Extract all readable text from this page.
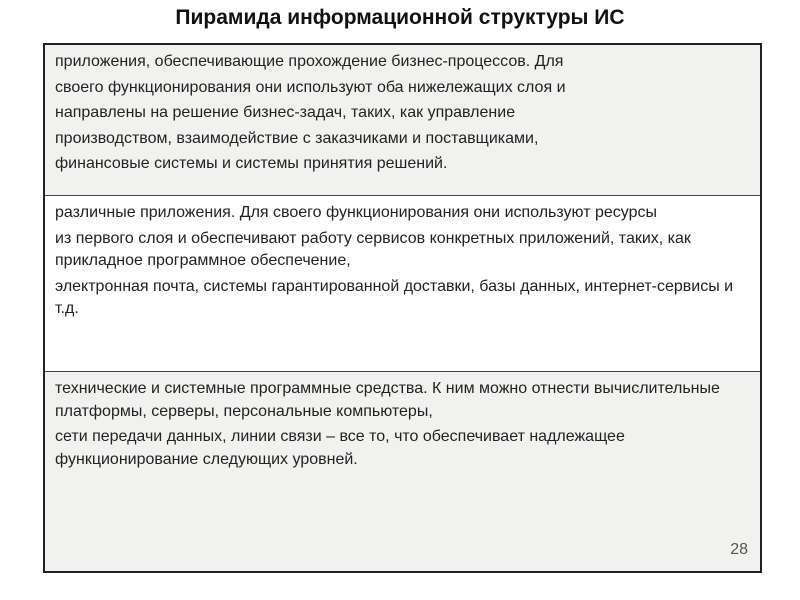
Пирамида информационной структуры ИС

приложения, обеспечивающие прохождение бизнес-процессов. Для

своего функционирования они используют оба нижележащих слоя и

направлены на решение бизнес-задач, таких, как управление

производством, взаимодействие с заказчиками и поставщиками,

финансовые системы и системы принятия решений.

различные приложения. Для своего функционирования они используют ресурсы

из первого слоя и обеспечивают работу сервисов конкретных приложений, таких, как прикладное программное обеспечение,

электронная почта, системы гарантированной доставки, базы данных, интернет-сервисы и т.д.

технические и системные программные средства. К ним можно отнести вычислительные платформы, серверы, персональные компьютеры,

сети передачи данных, линии связи – все то, что обеспечивает надлежащее функционирование следующих уровней.

28
